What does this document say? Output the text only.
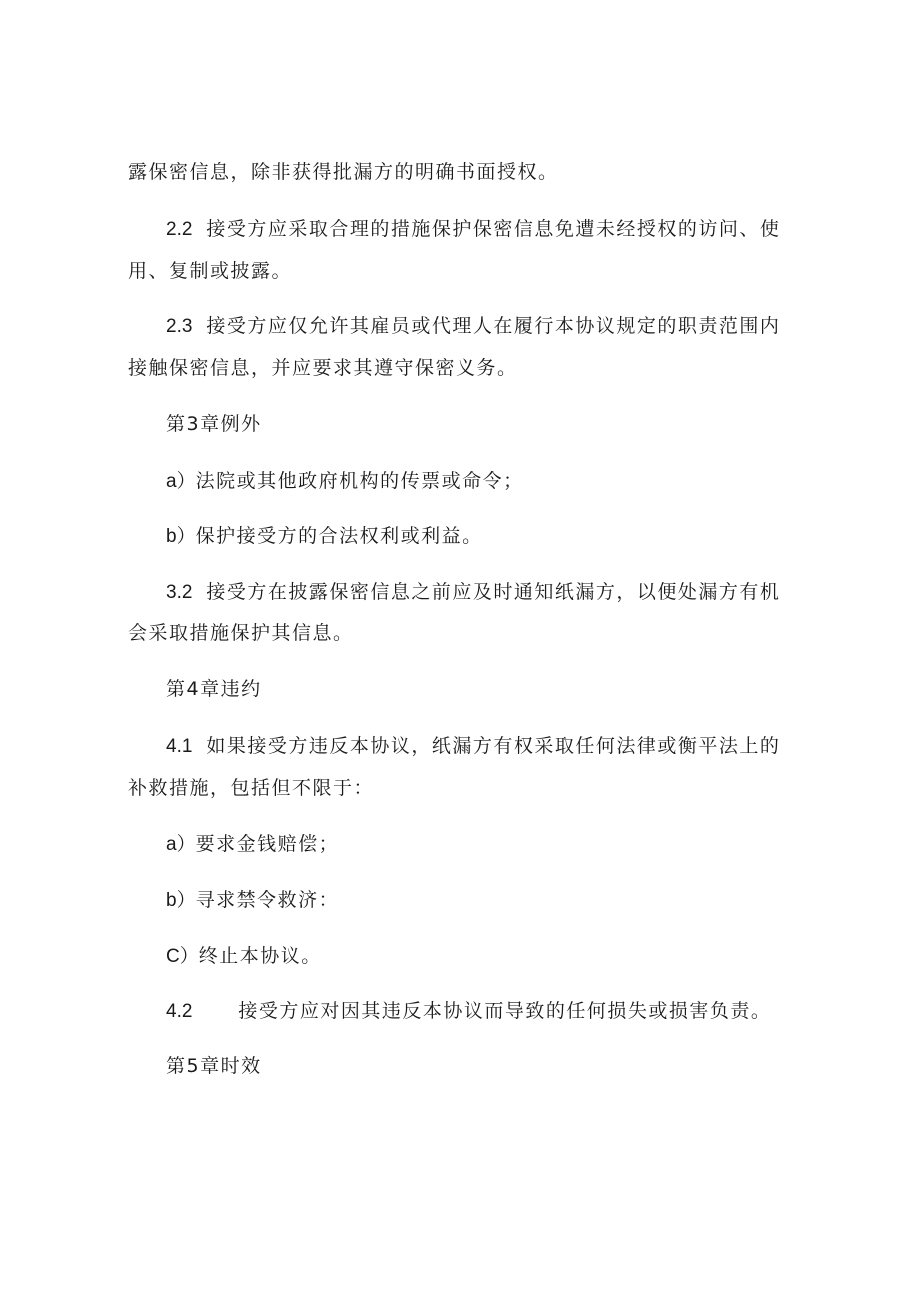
露保密信息，除非获得批漏方的明确书面授权。
2.2 接受方应采取合理的措施保护保密信息免遭未经授权的访问、使
用、复制或披露。
2.3 接受方应仅允许其雇员或代理人在履行本协议规定的职责范围内
接触保密信息，并应要求其遵守保密义务。
第3章例外
a）法院或其他政府机构的传票或命令；
b）保护接受方的合法权利或利益。
3.2 接受方在披露保密信息之前应及时通知纸漏方，以便处漏方有机
会采取措施保护其信息。
第4章违约
4.1 如果接受方违反本协议，纸漏方有权采取任何法律或衡平法上的
补救措施，包括但不限于：
a）要求金钱赔偿；
b）寻求禁令救济：
C）终止本协议。
4.2 接受方应对因其违反本协议而导致的任何损失或损害负责。
第5章时效
